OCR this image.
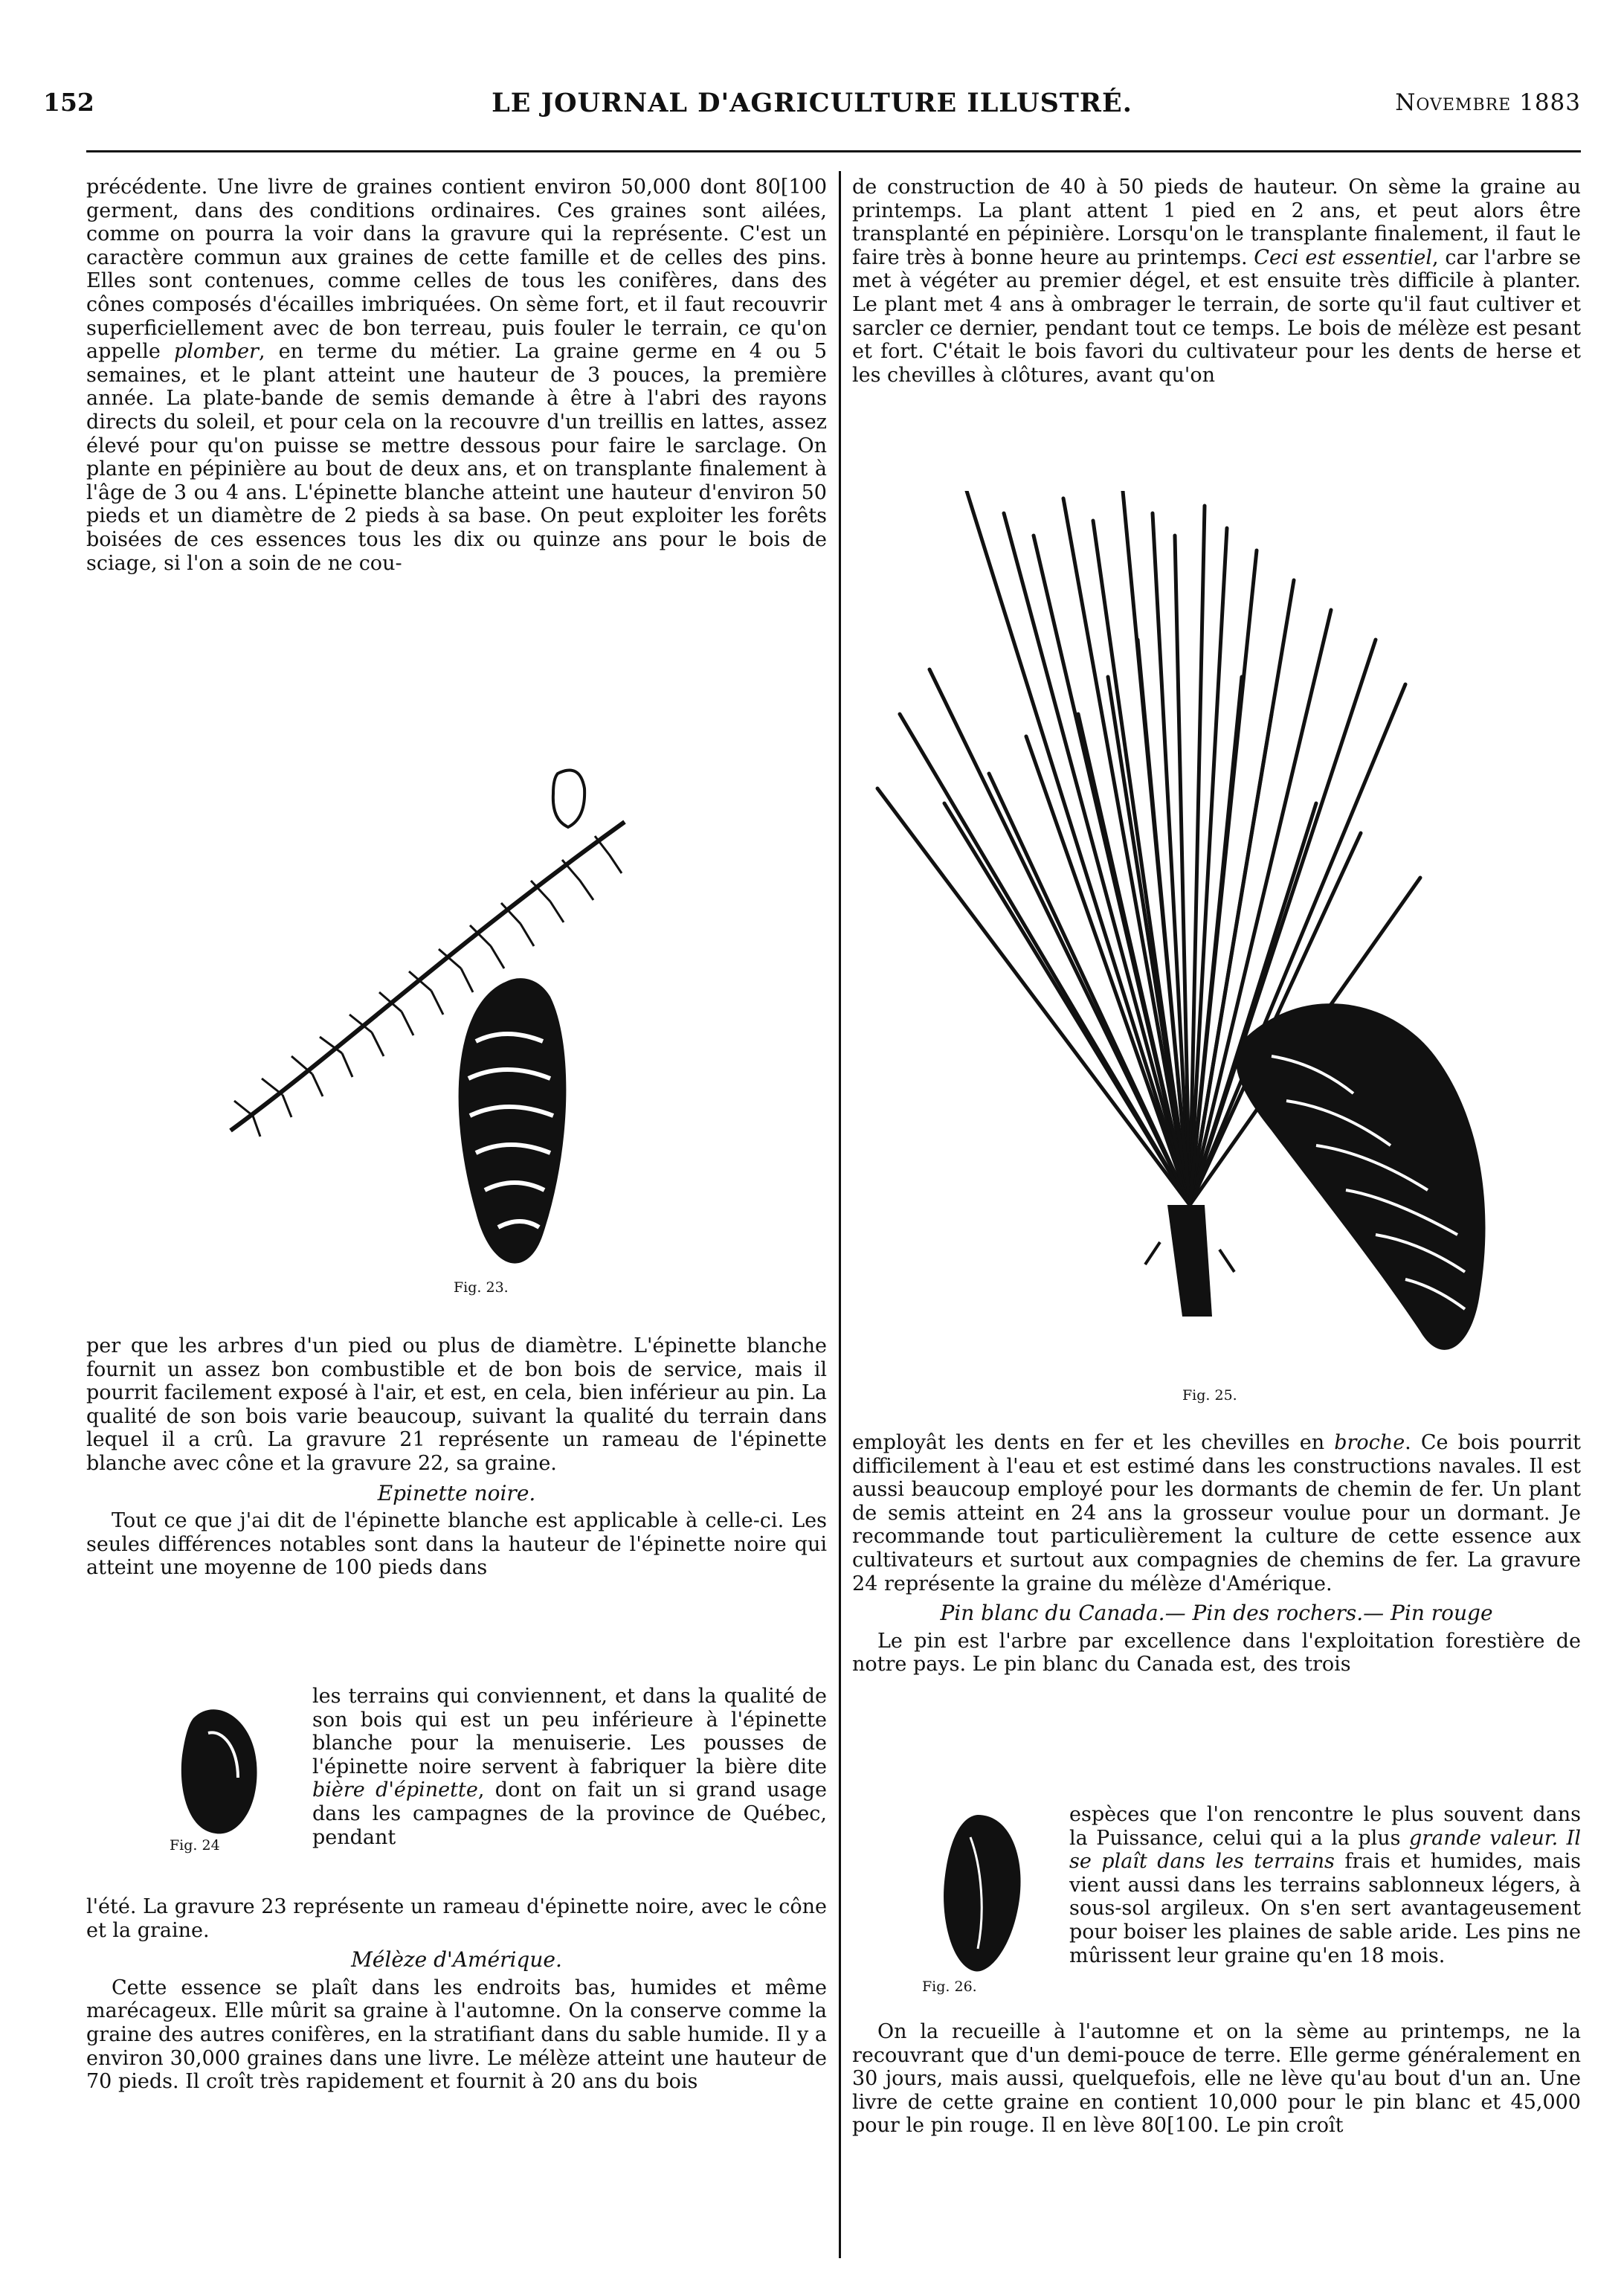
152	LE JOURNAL D'AGRICULTURE ILLUSTRÉ.	Novembre 1883

précédente. Une livre de graines contient environ 50,000 dont 80[100 germent, dans des conditions ordinaires. Ces graines sont ailées, comme on pourra la voir dans la gravure qui la représente. C'est un caractère commun aux graines de cette famille et de celles des pins. Elles sont contenues, comme celles de tous les conifères, dans des cônes composés d'écailles imbriquées. On sème fort, et il faut recouvrir superficiellement avec de bon terreau, puis fouler le terrain, ce qu'on appelle plomber, en terme du métier. La graine germe en 4 ou 5 semaines, et le plant atteint une hauteur de 3 pouces, la première année. La plate-bande de semis demande à être à l'abri des rayons directs du soleil, et pour cela on la recouvre d'un treillis en lattes, assez élevé pour qu'on puisse se mettre dessous pour faire le sarclage. On plante en pépinière au bout de deux ans, et on transplante finalement à l'âge de 3 ou 4 ans. L'épinette blanche atteint une hauteur d'environ 50 pieds et un diamètre de 2 pieds à sa base. On peut exploiter les forêts boisées de ces essences tous les dix ou quinze ans pour le bois de sciage, si l'on a soin de ne cou-

Fig. 23.

per que les arbres d'un pied ou plus de diamètre. L'épinette blanche fournit un assez bon combustible et de bon bois de service, mais il pourrit facilement exposé à l'air, et est, en cela, bien inférieur au pin. La qualité de son bois varie beaucoup, suivant la qualité du terrain dans lequel il a crû. La gravure 21 représente un rameau de l'épinette blanche avec cône et la gravure 22, sa graine.

Epinette noire.

Tout ce que j'ai dit de l'épinette blanche est applicable à celle-ci. Les seules différences notables sont dans la hauteur de l'épinette noire qui atteint une moyenne de 100 pieds dans

Fig. 24

les terrains qui conviennent, et dans la qualité de son bois qui est un peu inférieure à l'épinette blanche pour la menuiserie. Les pousses de l'épinette noire servent à fabriquer la bière dite bière d'épinette, dont on fait un si grand usage dans les campagnes de la province de Québec, pendant

l'été. La gravure 23 représente un rameau d'épinette noire, avec le cône et la graine.

Mélèze d'Amérique.

Cette essence se plaît dans les endroits bas, humides et même marécageux. Elle mûrit sa graine à l'automne. On la conserve comme la graine des autres conifères, en la stratifiant dans du sable humide. Il y a environ 30,000 graines dans une livre. Le mélèze atteint une hauteur de 70 pieds. Il croît très rapidement et fournit à 20 ans du bois

de construction de 40 à 50 pieds de hauteur. On sème la graine au printemps. La plant attent 1 pied en 2 ans, et peut alors être transplanté en pépinière. Lorsqu'on le transplante finalement, il faut le faire très à bonne heure au printemps. Ceci est essentiel, car l'arbre se met à végéter au premier dégel, et est ensuite très difficile à planter. Le plant met 4 ans à ombrager le terrain, de sorte qu'il faut cultiver et sarcler ce dernier, pendant tout ce temps. Le bois de mélèze est pesant et fort. C'était le bois favori du cultivateur pour les dents de herse et les chevilles à clôtures, avant qu'on

Fig. 25.

employât les dents en fer et les chevilles en broche. Ce bois pourrit difficilement à l'eau et est estimé dans les constructions navales. Il est aussi beaucoup employé pour les dormants de chemin de fer. Un plant de semis atteint en 24 ans la grosseur voulue pour un dormant. Je recommande tout particulièrement la culture de cette essence aux cultivateurs et surtout aux compagnies de chemins de fer. La gravure 24 représente la graine du mélèze d'Amérique.

Pin blanc du Canada.— Pin des rochers.— Pin rouge

Le pin est l'arbre par excellence dans l'exploitation forestière de notre pays. Le pin blanc du Canada est, des trois

Fig. 26.

espèces que l'on rencontre le plus souvent dans la Puissance, celui qui a la plus grande valeur. Il se plaît dans les terrains frais et humides, mais vient aussi dans les terrains sablonneux légers, à sous-sol argileux. On s'en sert avantageusement pour boiser les plaines de sable aride. Les pins ne mûrissent leur graine qu'en 18 mois.

On la recueille à l'automne et on la sème au printemps, ne la recouvrant que d'un demi-pouce de terre. Elle germe généralement en 30 jours, mais aussi, quelquefois, elle ne lève qu'au bout d'un an. Une livre de cette graine en contient 10,000 pour le pin blanc et 45,000 pour le pin rouge. Il en lève 80[100. Le pin croît
